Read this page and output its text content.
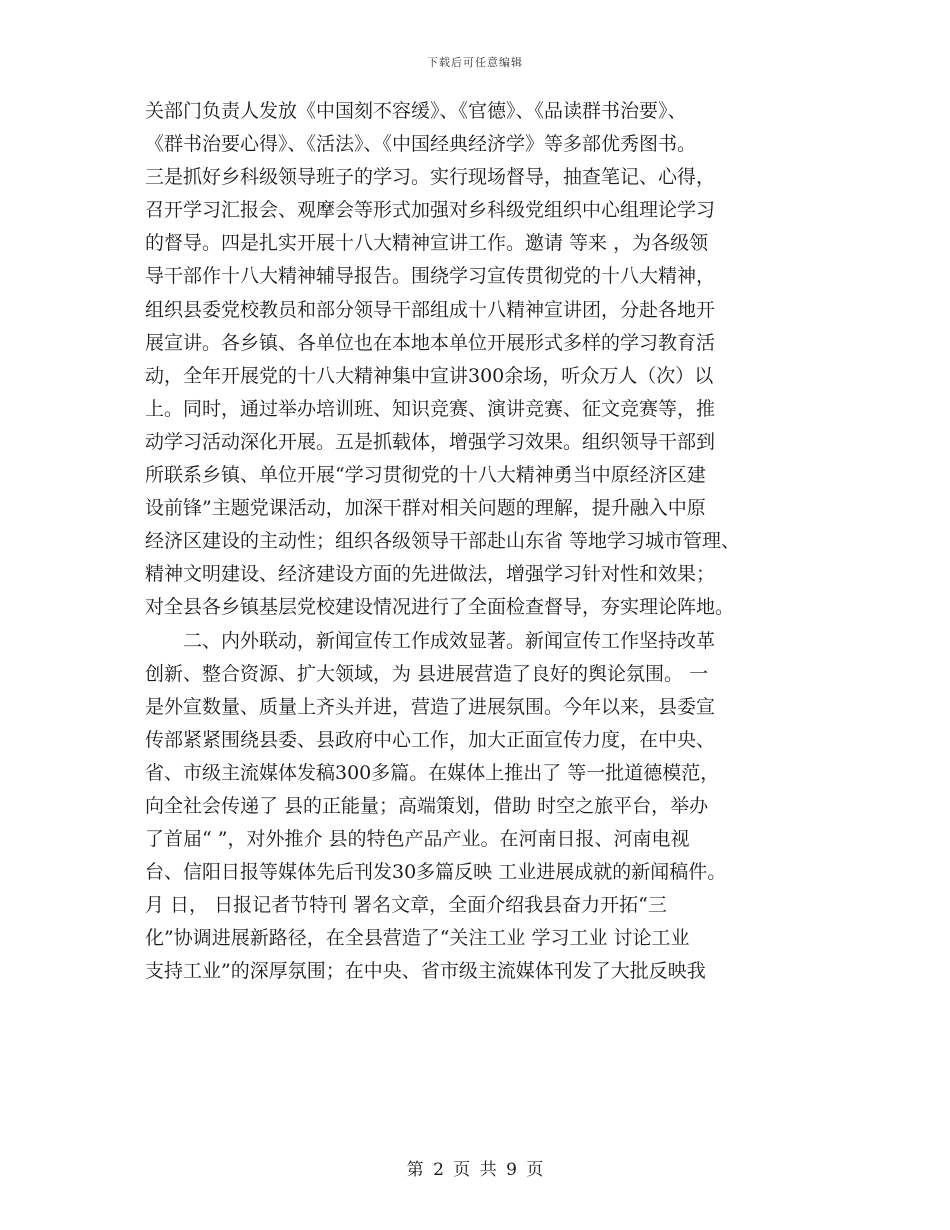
下载后可任意编辑
关部门负责人发放《中国刻不容缓》、《官德》、《品读群书治要》、
《群书治要心得》、《活法》、《中国经典经济学》等多部优秀图书。
三是抓好乡科级领导班子的学习。实行现场督导，抽查笔记、心得，
召开学习汇报会、观摩会等形式加强对乡科级党组织中心组理论学习
的督导。四是扎实开展十八大精神宣讲工作。邀请 等来 ，为各级领
导干部作十八大精神辅导报告。围绕学习宣传贯彻党的十八大精神，
组织县委党校教员和部分领导干部组成十八精神宣讲团，分赴各地开
展宣讲。各乡镇、各单位也在本地本单位开展形式多样的学习教育活
动，全年开展党的十八大精神集中宣讲300余场，听众万人（次）以
上。同时，通过举办培训班、知识竞赛、演讲竞赛、征文竞赛等，推
动学习活动深化开展。五是抓载体，增强学习效果。组织领导干部到
所联系乡镇、单位开展“学习贯彻党的十八大精神勇当中原经济区建
设前锋”主题党课活动，加深干群对相关问题的理解，提升融入中原
经济区建设的主动性；组织各级领导干部赴山东省 等地学习城市管理、
精神文明建设、经济建设方面的先进做法，增强学习针对性和效果；
对全县各乡镇基层党校建设情况进行了全面检查督导，夯实理论阵地。
　　二、内外联动，新闻宣传工作成效显著。新闻宣传工作坚持改革
创新、整合资源、扩大领域，为 县进展营造了良好的舆论氛围。 一
是外宣数量、质量上齐头并进，营造了进展氛围。今年以来，县委宣
传部紧紧围绕县委、县政府中心工作，加大正面宣传力度，在中央、
省、市级主流媒体发稿300多篇。在媒体上推出了 等一批道德模范，
向全社会传递了 县的正能量；高端策划，借助 时空之旅平台，举办
了首届“ ”，对外推介 县的特色产品产业。在河南日报、河南电视
台、信阳日报等媒体先后刊发30多篇反映 工业进展成就的新闻稿件。
月 日， 日报记者节特刊 署名文章，全面介绍我县奋力开拓“三
化”协调进展新路径，在全县营造了“关注工业 学习工业 讨论工业
支持工业”的深厚氛围；在中央、省市级主流媒体刊发了大批反映我
第 2 页 共 9 页
